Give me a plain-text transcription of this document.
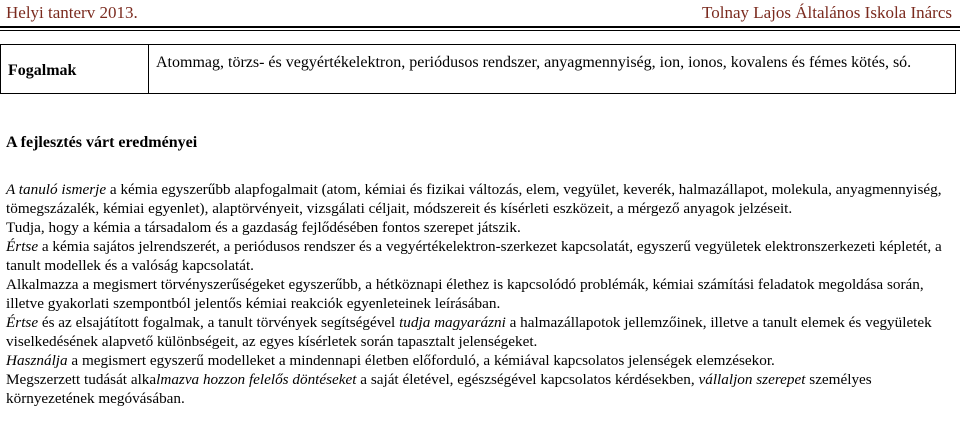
Helyi tanterv 2013.	Tolnay Lajos Általános Iskola Inárcs
Fogalmak	Atommag, törzs- és vegyértékelektron, periódusos rendszer, anyagmennyiség, ion, ionos, kovalens és fémes kötés, só.
A fejlesztés várt eredményei

A tanuló ismerje a kémia egyszerűbb alapfogalmait (atom, kémiai és fizikai változás, elem, vegyület, keverék, halmazállapot, molekula, anyagmennyiség, tömegszázalék, kémiai egyenlet), alaptörvényeit, vizsgálati céljait, módszereit és kísérleti eszközeit, a mérgező anyagok jelzéseit.

Tudja, hogy a kémia a társadalom és a gazdaság fejlődésében fontos szerepet játszik.

Értse a kémia sajátos jelrendszerét, a periódusos rendszer és a vegyértékelektron-szerkezet kapcsolatát, egyszerű vegyületek elektronszerkezeti képletét, a tanult modellek és a valóság kapcsolatát.

Alkalmazza a megismert törvényszerűségeket egyszerűbb, a hétköznapi élethez is kapcsolódó problémák, kémiai számítási feladatok megoldása során, illetve gyakorlati szempontból jelentős kémiai reakciók egyenleteinek leírásában.

Értse és az elsajátított fogalmak, a tanult törvények segítségével tudja magyarázni a halmazállapotok jellemzőinek, illetve a tanult elemek és vegyületek viselkedésének alapvető különbségeit, az egyes kísérletek során tapasztalt jelenségeket.

Használja a megismert egyszerű modelleket a mindennapi életben előforduló, a kémiával kapcsolatos jelenségek elemzésekor.

Megszerzett tudását alkalmazva hozzon felelős döntéseket a saját életével, egészségével kapcsolatos kérdésekben, vállaljon szerepet személyes környezetének megóvásában.
